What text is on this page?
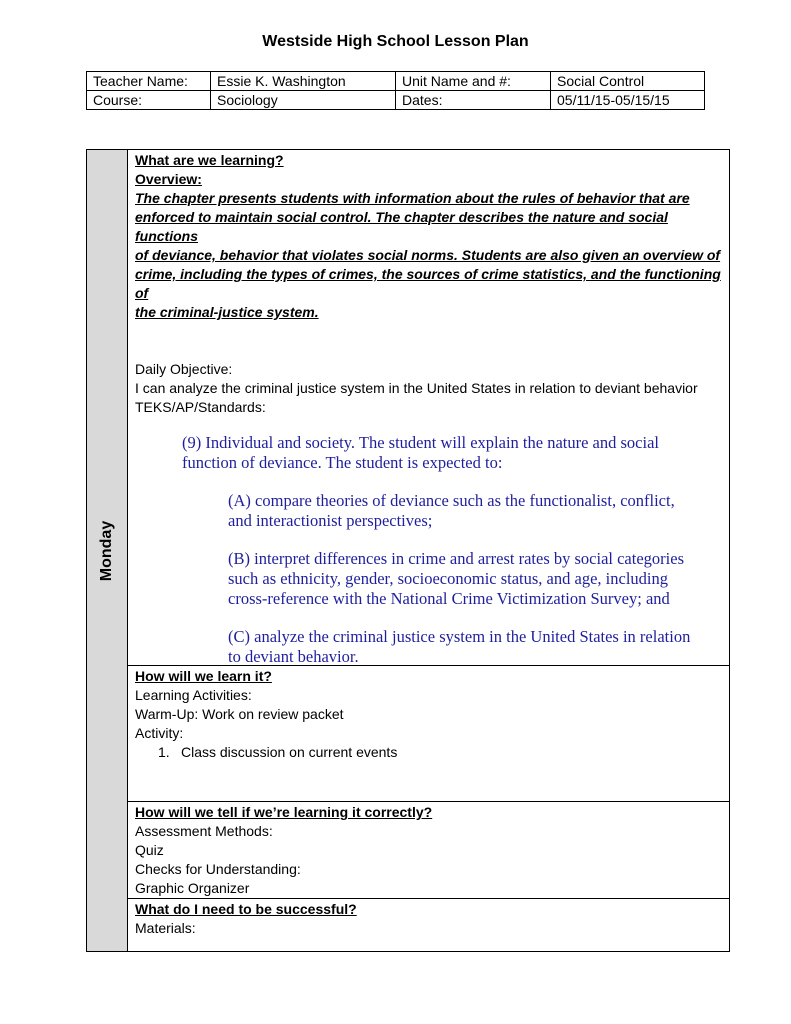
Westside High School Lesson Plan
Teacher Name:	Essie K. Washington	Unit Name and #:	Social Control
Course:	Sociology	Dates:	05/11/15-05/15/15
Monday
What are we learning?
Overview:
The chapter presents students with information about the rules of behavior that are
enforced to maintain social control. The chapter describes the nature and social functions
of deviance, behavior that violates social norms. Students are also given an overview of
crime, including the types of crimes, the sources of crime statistics, and the functioning of
the criminal-justice system.
Daily Objective:
I can analyze the criminal justice system in the United States in relation to deviant behavior
TEKS/AP/Standards:
(9) Individual and society. The student will explain the nature and social
function of deviance. The student is expected to:
(A) compare theories of deviance such as the functionalist, conflict,
and interactionist perspectives;
(B) interpret differences in crime and arrest rates by social categories
such as ethnicity, gender, socioeconomic status, and age, including
cross-reference with the National Crime Victimization Survey; and
(C) analyze the criminal justice system in the United States in relation
to deviant behavior.
How will we learn it?
Learning Activities:
Warm-Up: Work on review packet
Activity:
1. Class discussion on current events
How will we tell if we’re learning it correctly?
Assessment Methods:
Quiz
Checks for Understanding:
Graphic Organizer
What do I need to be successful?
Materials:
